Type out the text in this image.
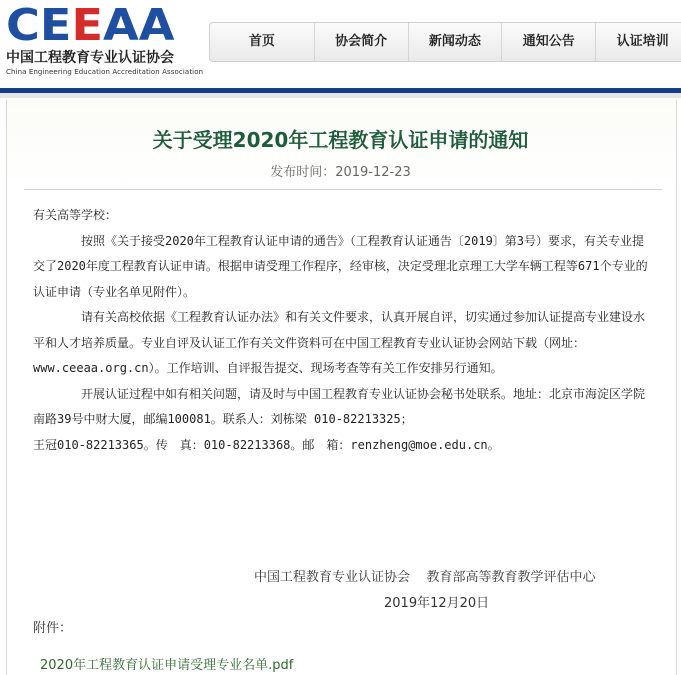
CEEAA
中国工程教育专业认证协会
China Engineering Education Accreditation Association
首页	协会简介	新闻动态	通知公告	认证培训
关于受理2020年工程教育认证申请的通知
发布时间：2019-12-23

有关高等学校：

按照《关于接受2020年工程教育认证申请的通告》（工程教育认证通告〔2019〕第3号）要求，有关专业提交了2020年度工程教育认证申请。根据申请受理工作程序，经审核，决定受理北京理工大学车辆工程等671个专业的认证申请（专业名单见附件）。

请有关高校依据《工程教育认证办法》和有关文件要求，认真开展自评，切实通过参加认证提高专业建设水平和人才培养质量。专业自评及认证工作有关文件资料可在中国工程教育专业认证协会网站下载（网址：www.ceeaa.org.cn）。工作培训、自评报告提交、现场考查等有关工作安排另行通知。

开展认证过程中如有相关问题，请及时与中国工程教育专业认证协会秘书处联系。地址：北京市海淀区学院南路39号中财大厦，邮编100081。联系人：刘栋梁 010-82213325；

王冠010-82213365。传　真：010-82213368。邮　箱：renzheng@moe.edu.cn。

中国工程教育专业认证协会    教育部高等教育教学评估中心
2019年12月20日
附件：
2020年工程教育认证申请受理专业名单.pdf
